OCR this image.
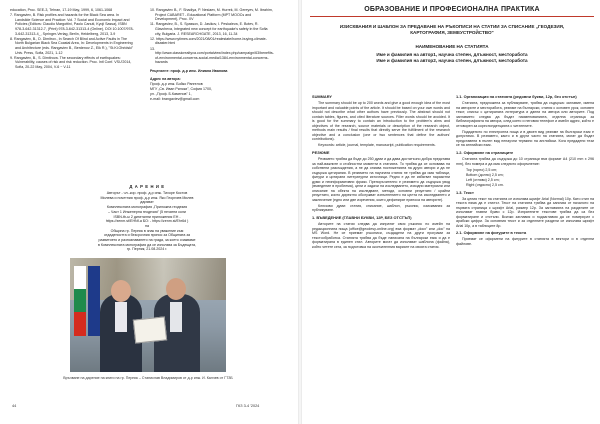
education, Proc. SEE-3, Tehran, 17-19 May, 1999, 6, 1061-1068

7. Rangaviev, B. Risk profiles and hazards for the Black Sea area. In Landslide Science and Practice: Vol. 7 Social and Economic Impact and Policies (Editors: Claudio Margottini, Paolo Canuti, Kyoji Sassa), ISBN 978-3-642-31312-7, (Print) 978-3-642-31313-4 (Online), DOI 10.1007/978-3-642-31313-4_, Springer-Verlag, Berlin, Heidelberg, 2013, 3-9

8. Rangaviev, B., D. Dimitrov., In Search Of Blind and Active Faults in The North Bulgarian Black Sea Coastal Area, In: Developments in Engineering and Architecture (eds. Rangaviev B., Berdenov Z., Elk R.), "St.Kl.Ohridski" Univ. Press, Sofia, 2021, 1-12

9. Rangaviev, B., S. Dimitrova. The secondary effects of earthquakes: Vulnerability, causes of risk and risk reduction. Proc. Intl Conf. VSU'2014, Sofia, 20-22 May, 2004, V-6 ~ V-11

10. Rangaviev B., F. Shadiya, P. Nesiaev, M. Hurrek, M. Gereyev, M. Ibrahim, Project CABARET - Educational Platform (MPT MOOCs and Development), Proc. XV

11. Rangaviev, B., S. Spassov, D. Jasikov, I. Peskaleva, E. Botev, R. Glavcheva, Integrated new concept for earthquake's safety in the Sofia city, Bulgaria. J. RESEARCHGATE, 2013, 16, 11-34

12. https://www.nytimes.com/2021/08/01/realestate/home-buying-climate-disaster.html

13. http://www.classicrealtyva.com/portalview/index.php/campaign/63/benefits-of-environmental-concerns-social-media/1384-environmental-concerns-hazards

Рецензент: проф. д-р инж. Илиана Иванова

Адрес на авторa:

Проф. д-р инж. Бойко Рангелов

МГУ „Св. Иван Рилски", София 1700,

ул. „Проф. Б.Каменов" 1,

e-mail: brangaviev@gmail.com

Д А Р Е Н И Е

Авторът - чл.-кор. проф. д-р инж. Тихорe Костов

Милева и почетния проф. д-р инж. Яко Георгиев Милев

даряват

Комплексната монография „Приложна геодезия

– Част 1 Инженерна геодезия" (5 печатни коли

ISBN-tb-ы 2 дигитални приложения ЕН -

https://zenm.st/EHNf-a БО: - https://zenm.st/Ehr6d )

на

Община гр. Перник в знак на уважение към

отдадеността и безсрочния принос за Общината за

развитието и разпознаването на града, за което очакваме

в Комплексната монография да се използва за Бъдещата,

гр. Перник, 21.08.2024 г.

Връчване на дарение на книги на гр. Перник – Станислав Владимиров от д-р инж. И. Калчев от ГТЗБ
44	ГКЗ 3-4 '2024
ОБРАЗОВАНИЕ И ПРОФЕСИОНАЛНА ПРАКТИКА
ИЗИСКВАНИЯ И ШАБЛОН ЗА ПРЕДАВАНЕ НА РЪКОПИСИ НА СТАТИИ ЗА СПИСАНИЕ „ГЕОДЕЗИЯ, КАРТОГРАФИЯ, ЗЕМЕУСТРОЙСТВО"
НАИМЕНОВАНИЕ НА СТАТИЯТА
Име и фамилия на автор1, научна степен, длъжност, месторабота
Име и фамилия на автор2, научна степен, длъжност, месторабота
SUMMARY

The summary should be up to 200 words and give a good enough idea of the most important and valuable points of the article. It should be based on your own words and should not describe what other authors have previously. The abstract should not contain tables, figures, and cited literature sources. Filler words should be avoided. It is good for the summary to contain an introduction to the problem's aims and objectives of the research, source materials or description of the research object, methods main results / final results that directly serve the fulfillment of the research objective and a conclusion (one or two sentences that define the authors' contributions).

Keywords: article, journal, template, manuscript, publication requirements.

РЕЗЮМЕ

Резюмето трябва да бъде до 250 думи и да дава достатъчно добра представа за най-важните и стойностни моменти в статията. То трябва да се основава на собствени разсъждения, а не да описва постиженията на други автори и да не съдържа цитирания. В резюмето на научната статия не трябва да има таблици, фигури и цитирани литературни източници. Редно е да не избягват паразитни думи и неинформативни фрази. Препоръчително е резюмето да съдържа увод (въведение в проблема), цели и задачи на изследването, изходни материали или описание на обекта на изследване, методи, основни резултати / крайни резултати, които директно обслужват изпълнението на целта на изследването и заключение (едно или две изречения, които дефинират приноса на авторите).

Ключови думи: статия, списание, шаблон, ръкопис, изисквания за публикуване.

1. ВЪВЕДЕНИЕ (ГЛАВНИ БУКВИ, 12Р, БЕЗ ОТСТЪП)

Авторите на статии следва да изпратят своя ръкопис по имейл на редакционната поща (office@geodesy-online.org) във формат „docx" или „doc" на MS Word. Не се приемат ръкописи, създадени на други програми за текстообработка. Статията трябва да бъде написана на български език и да е форматирана в единен стил. Авторите могат да използват шаблона (файла), който четете сега, за подготовка на окончателния вариант на своята статия.

1.1. Организация на статията (редовни букви, 12р, без отстъп)

Статията, предложена за публикуване, трябва да съдържа: заглавие, имена на авторите и месторабота, резюме на български, статия с основен урок, основен текст, списък с цитираната литература и данни на автора или авторите. Под заглавието следва да бъдат наименованията, отделна страница за библиографията на автора, след което и неговия телефон и имейл адрес, който е отговорен за кореспонденцията с читателите.

Подаденото по електронна поща и в двоен вид резюме на български език е допустимо. В резюмето, както и в други части на статията, могат да бъдат представени в пълен вид ненаучни термини на английски. Кога предадени тези се на английски език.

1.2. Оформяне на страниците

Статията трябва да съдържа до 10 страници във формат А4 (210 mm х 296 mm), без номера и да има следното оформление:

Top (горно) 2,5 cm;

Bottom (долно) 2,5 cm;

Left (отляво) 2,5 cm;

Right (отдясно) 2,5 cm.

1.3. Текст

За целия текст на статията се използва шрифт Arial (Normal) 10р. Като стил на текста няма да е стилът. Текст на статията трябва да започва от началото на първата страница с шрифт Arial, размер 12р. За заглавията на разделите се използват главни букви с 12р. Изпратените текстове трябва да са без форматиране и отстъпи. Всички заглавия и подзаглавия да се номерират с арабски цифри. За основния текст и за отделните раздели се използва шрифт Arial 10р, а в таблиците 8р.

2.1. Оформяне на фигурите в текста

Приемат се оформени на фигурите в статията в вектори и в отделни файлове.
